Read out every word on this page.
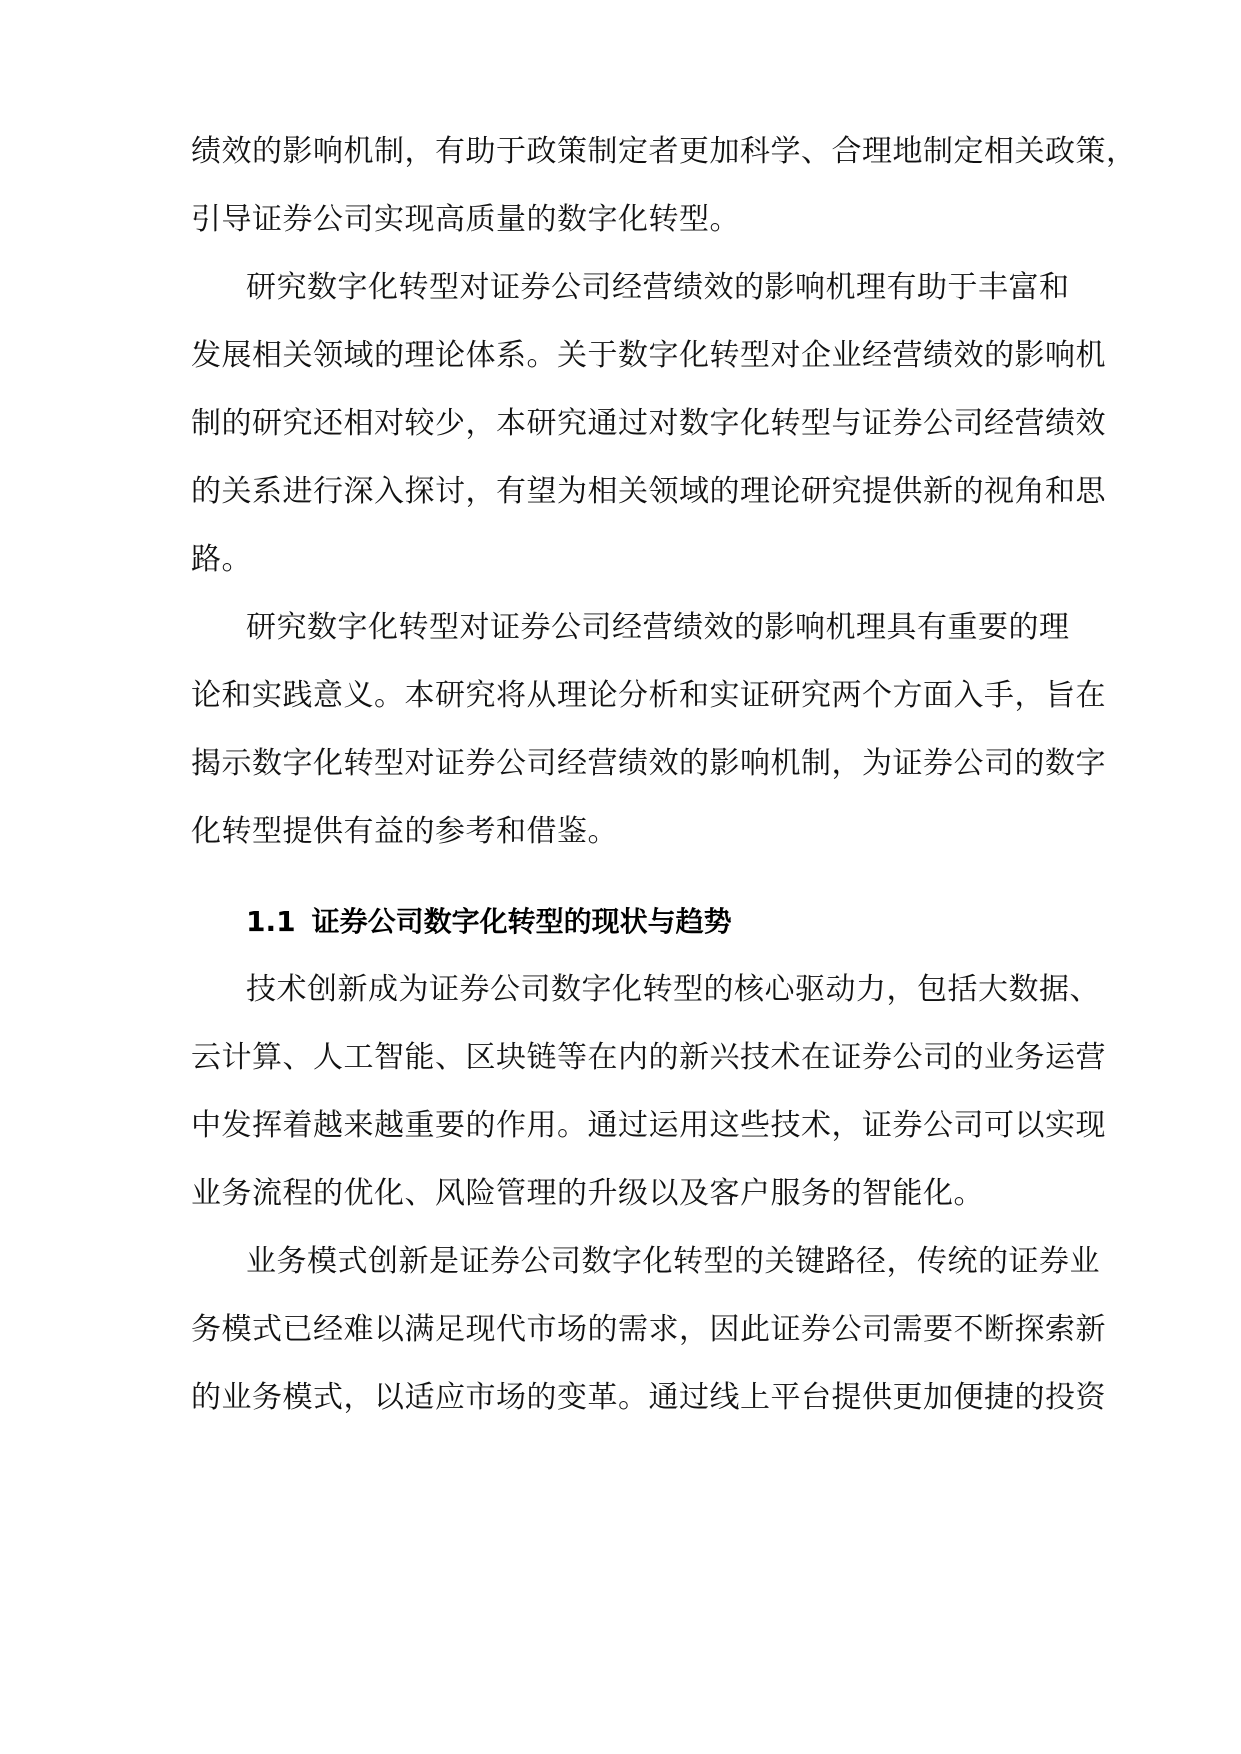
绩效的影响机制，有助于政策制定者更加科学、合理地制定相关政策，
引导证券公司实现高质量的数字化转型。
研究数字化转型对证券公司经营绩效的影响机理有助于丰富和
发展相关领域的理论体系。关于数字化转型对企业经营绩效的影响机
制的研究还相对较少，本研究通过对数字化转型与证券公司经营绩效
的关系进行深入探讨，有望为相关领域的理论研究提供新的视角和思
路。
研究数字化转型对证券公司经营绩效的影响机理具有重要的理
论和实践意义。本研究将从理论分析和实证研究两个方面入手，旨在
揭示数字化转型对证券公司经营绩效的影响机制，为证券公司的数字
化转型提供有益的参考和借鉴。
1.1 证券公司数字化转型的现状与趋势
技术创新成为证券公司数字化转型的核心驱动力，包括大数据、
云计算、人工智能、区块链等在内的新兴技术在证券公司的业务运营
中发挥着越来越重要的作用。通过运用这些技术，证券公司可以实现
业务流程的优化、风险管理的升级以及客户服务的智能化。
业务模式创新是证券公司数字化转型的关键路径，传统的证券业
务模式已经难以满足现代市场的需求，因此证券公司需要不断探索新
的业务模式，以适应市场的变革。通过线上平台提供更加便捷的投资
